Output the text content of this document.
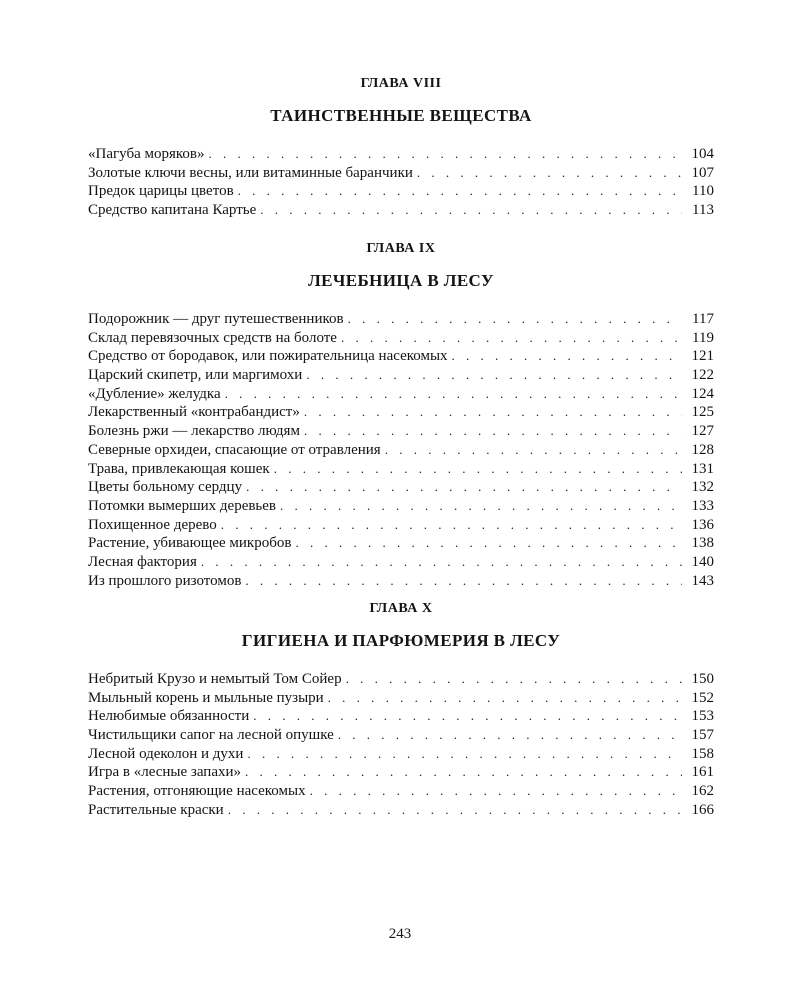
ГЛАВА VIII
ТАИНСТВЕННЫЕ ВЕЩЕСТВА
«Пагуба моряков» . . .	104
Золотые ключи весны, или витаминные баранчики . . .	107
Предок царицы цветов . . .	110
Средство капитана Картье . . .	113
ГЛАВА IX
ЛЕЧЕБНИЦА В ЛЕСУ
Подорожник — друг путешественников . . .	117
Склад перевязочных средств на болоте . . .	119
Средство от бородавок, или пожирательница насекомых . . .	121
Царский скипетр, или маргимохи . . .	122
«Дубление» желудка . . .	124
Лекарственный «контрабандист» . . .	125
Болезнь ржи — лекарство людям . . .	127
Северные орхидеи, спасающие от отравления . . .	128
Трава, привлекающая кошек . . .	131
Цветы больному сердцу . . .	132
Потомки вымерших деревьев . . .	133
Похищенное дерево . . .	136
Растение, убивающее микробов . . .	138
Лесная фактория . . .	140
Из прошлого ризотомов . . .	143
ГЛАВА X
ГИГИЕНА И ПАРФЮМЕРИЯ В ЛЕСУ
Небритый Крузо и немытый Том Сойер . . .	150
Мыльный корень и мыльные пузыри . . .	152
Нелюбимые обязанности . . .	153
Чистильщики сапог на лесной опушке . . .	157
Лесной одеколон и духи . . .	158
Игра в «лесные запахи» . . .	161
Растения, отгоняющие насекомых . . .	162
Растительные краски . . .	166
243
